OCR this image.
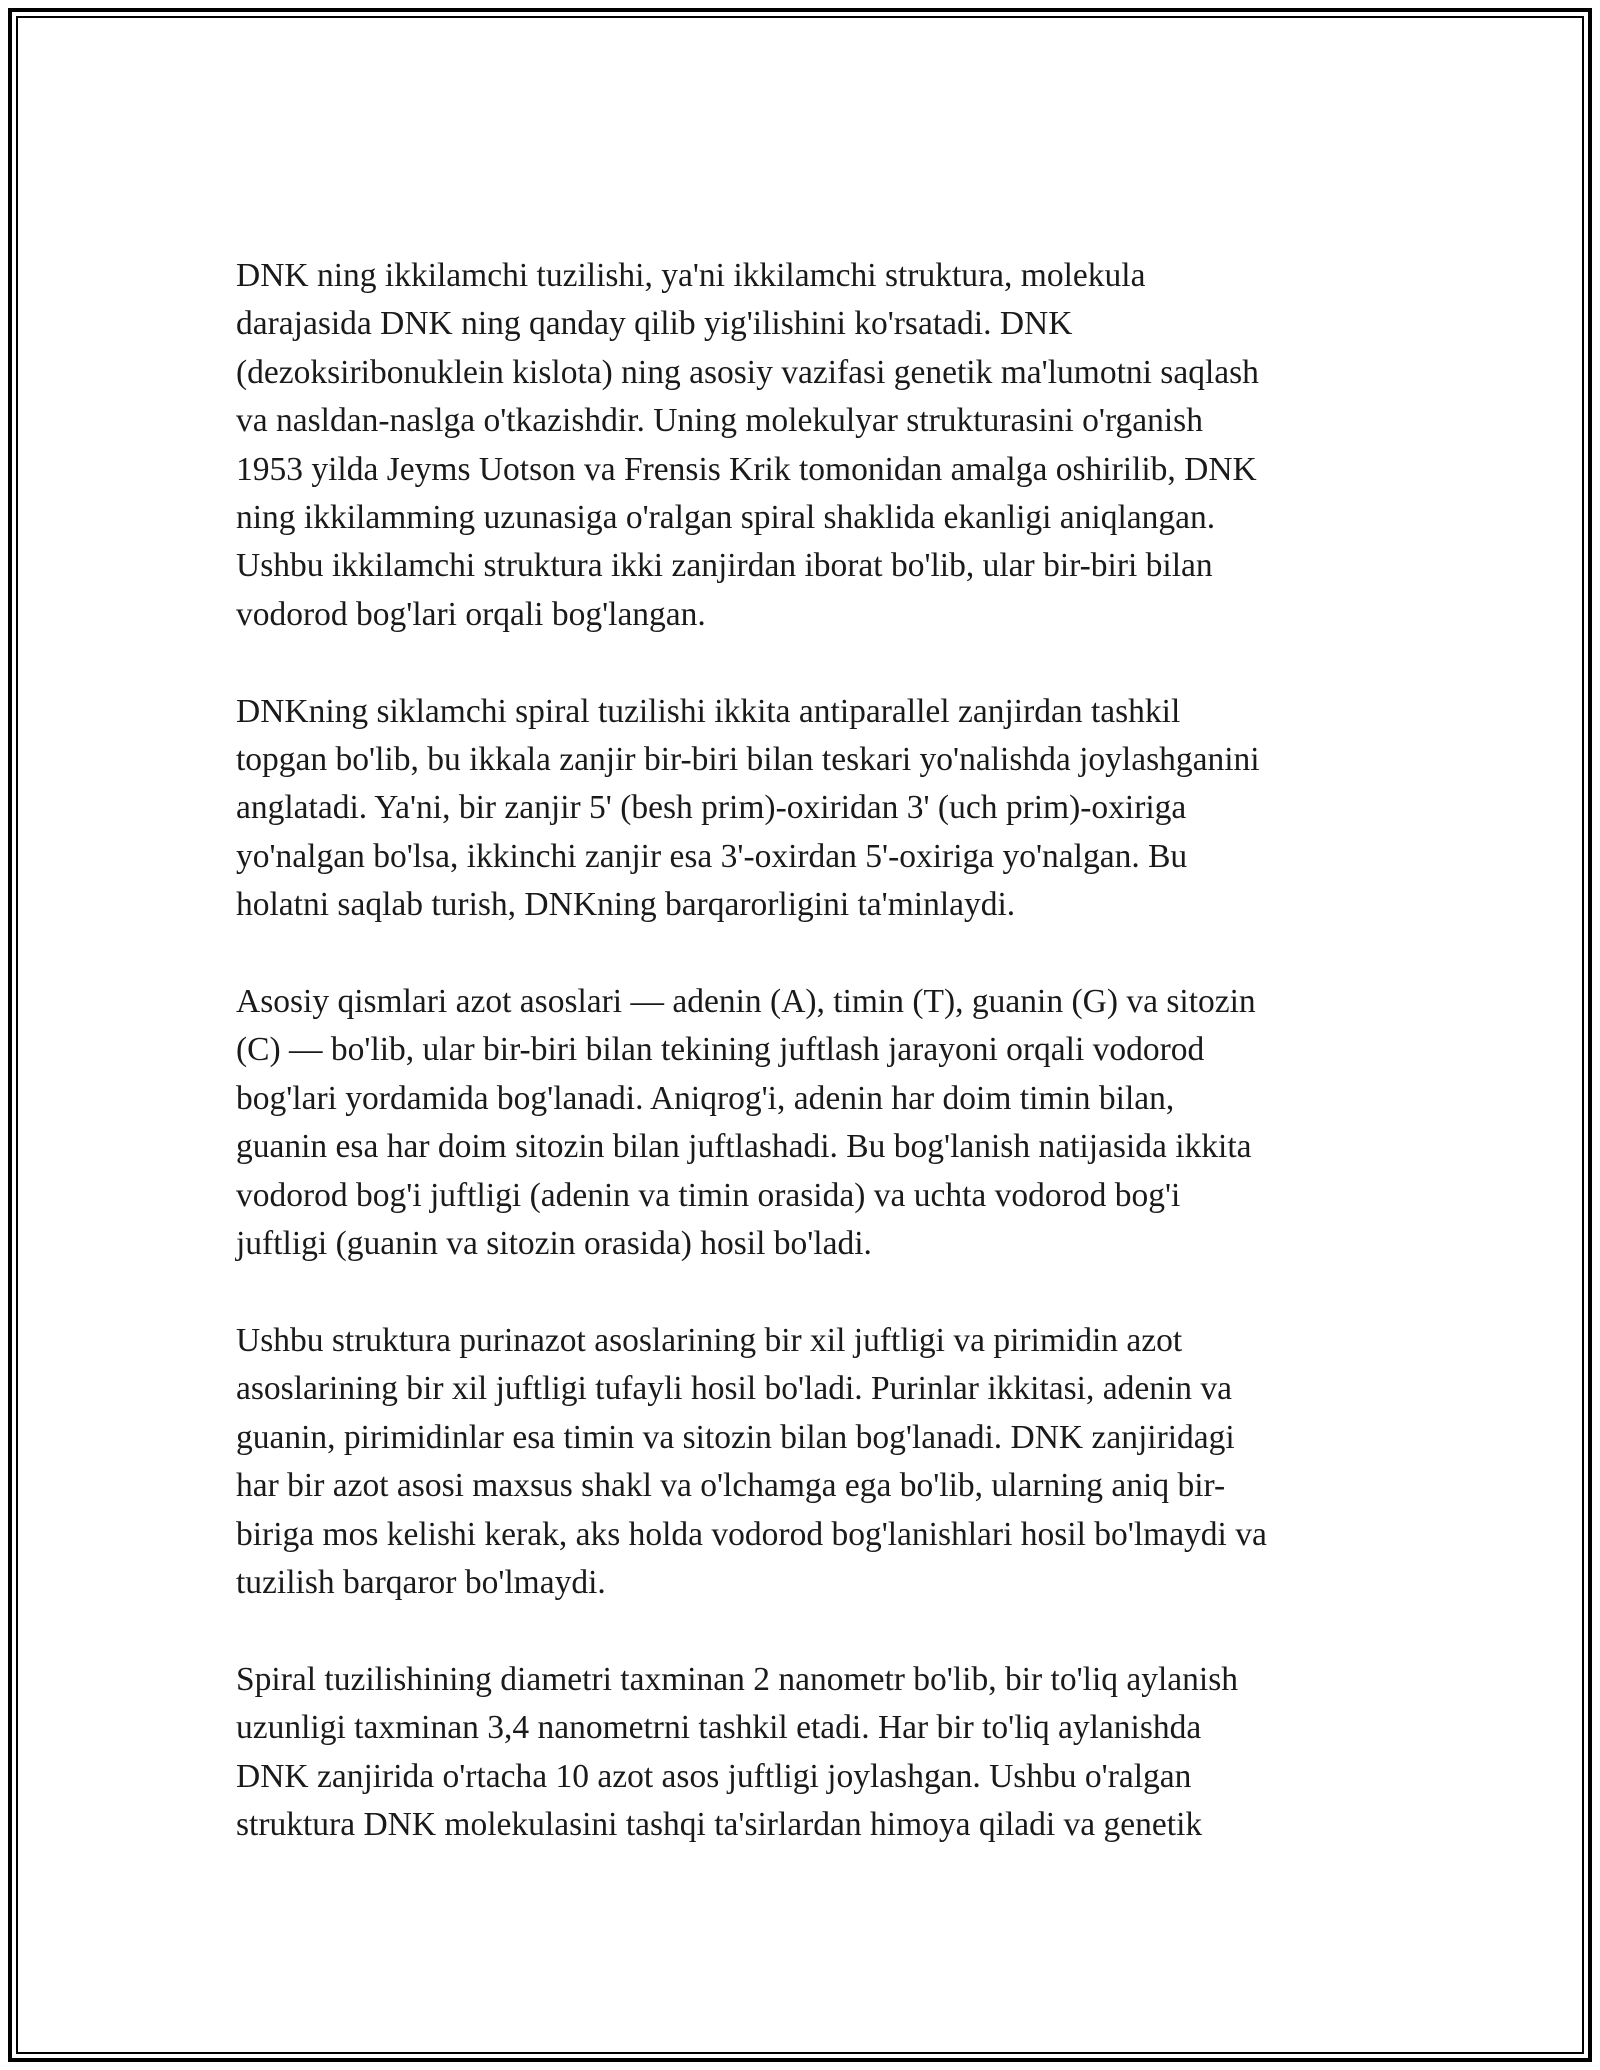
DNK ning ikkilamchi tuzilishi, ya'ni ikkilamchi struktura, molekula
darajasida DNK ning qanday qilib yig'ilishini ko'rsatadi. DNK
(dezoksiribonuklein kislota) ning asosiy vazifasi genetik ma'lumotni saqlash
va nasldan-naslga o'tkazishdir. Uning molekulyar strukturasini o'rganish
1953 yilda Jeyms Uotson va Frensis Krik tomonidan amalga oshirilib, DNK
ning ikkilamming uzunasiga o'ralgan spiral shaklida ekanligi aniqlangan.
Ushbu ikkilamchi struktura ikki zanjirdan iborat bo'lib, ular bir-biri bilan
vodorod bog'lari orqali bog'langan.

DNKning siklamchi spiral tuzilishi ikkita antiparallel zanjirdan tashkil
topgan bo'lib, bu ikkala zanjir bir-biri bilan teskari yo'nalishda joylashganini
anglatadi. Ya'ni, bir zanjir 5' (besh prim)-oxiridan 3' (uch prim)-oxiriga
yo'nalgan bo'lsa, ikkinchi zanjir esa 3'-oxirdan 5'-oxiriga yo'nalgan. Bu
holatni saqlab turish, DNKning barqarorligini ta'minlaydi.

Asosiy qismlari azot asoslari — adenin (A), timin (T), guanin (G) va sitozin
(C) — bo'lib, ular bir-biri bilan tekining juftlash jarayoni orqali vodorod
bog'lari yordamida bog'lanadi. Aniqrog'i, adenin har doim timin bilan,
guanin esa har doim sitozin bilan juftlashadi. Bu bog'lanish natijasida ikkita
vodorod bog'i juftligi (adenin va timin orasida) va uchta vodorod bog'i
juftligi (guanin va sitozin orasida) hosil bo'ladi.

Ushbu struktura purinazot asoslarining bir xil juftligi va pirimidin azot
asoslarining bir xil juftligi tufayli hosil bo'ladi. Purinlar ikkitasi, adenin va
guanin, pirimidinlar esa timin va sitozin bilan bog'lanadi. DNK zanjiridagi
har bir azot asosi maxsus shakl va o'lchamga ega bo'lib, ularning aniq bir-
biriga mos kelishi kerak, aks holda vodorod bog'lanishlari hosil bo'lmaydi va
tuzilish barqaror bo'lmaydi.

Spiral tuzilishining diametri taxminan 2 nanometr bo'lib, bir to'liq aylanish
uzunligi taxminan 3,4 nanometrni tashkil etadi. Har bir to'liq aylanishda
DNK zanjirida o'rtacha 10 azot asos juftligi joylashgan. Ushbu o'ralgan
struktura DNK molekulasini tashqi ta'sirlardan himoya qiladi va genetik
